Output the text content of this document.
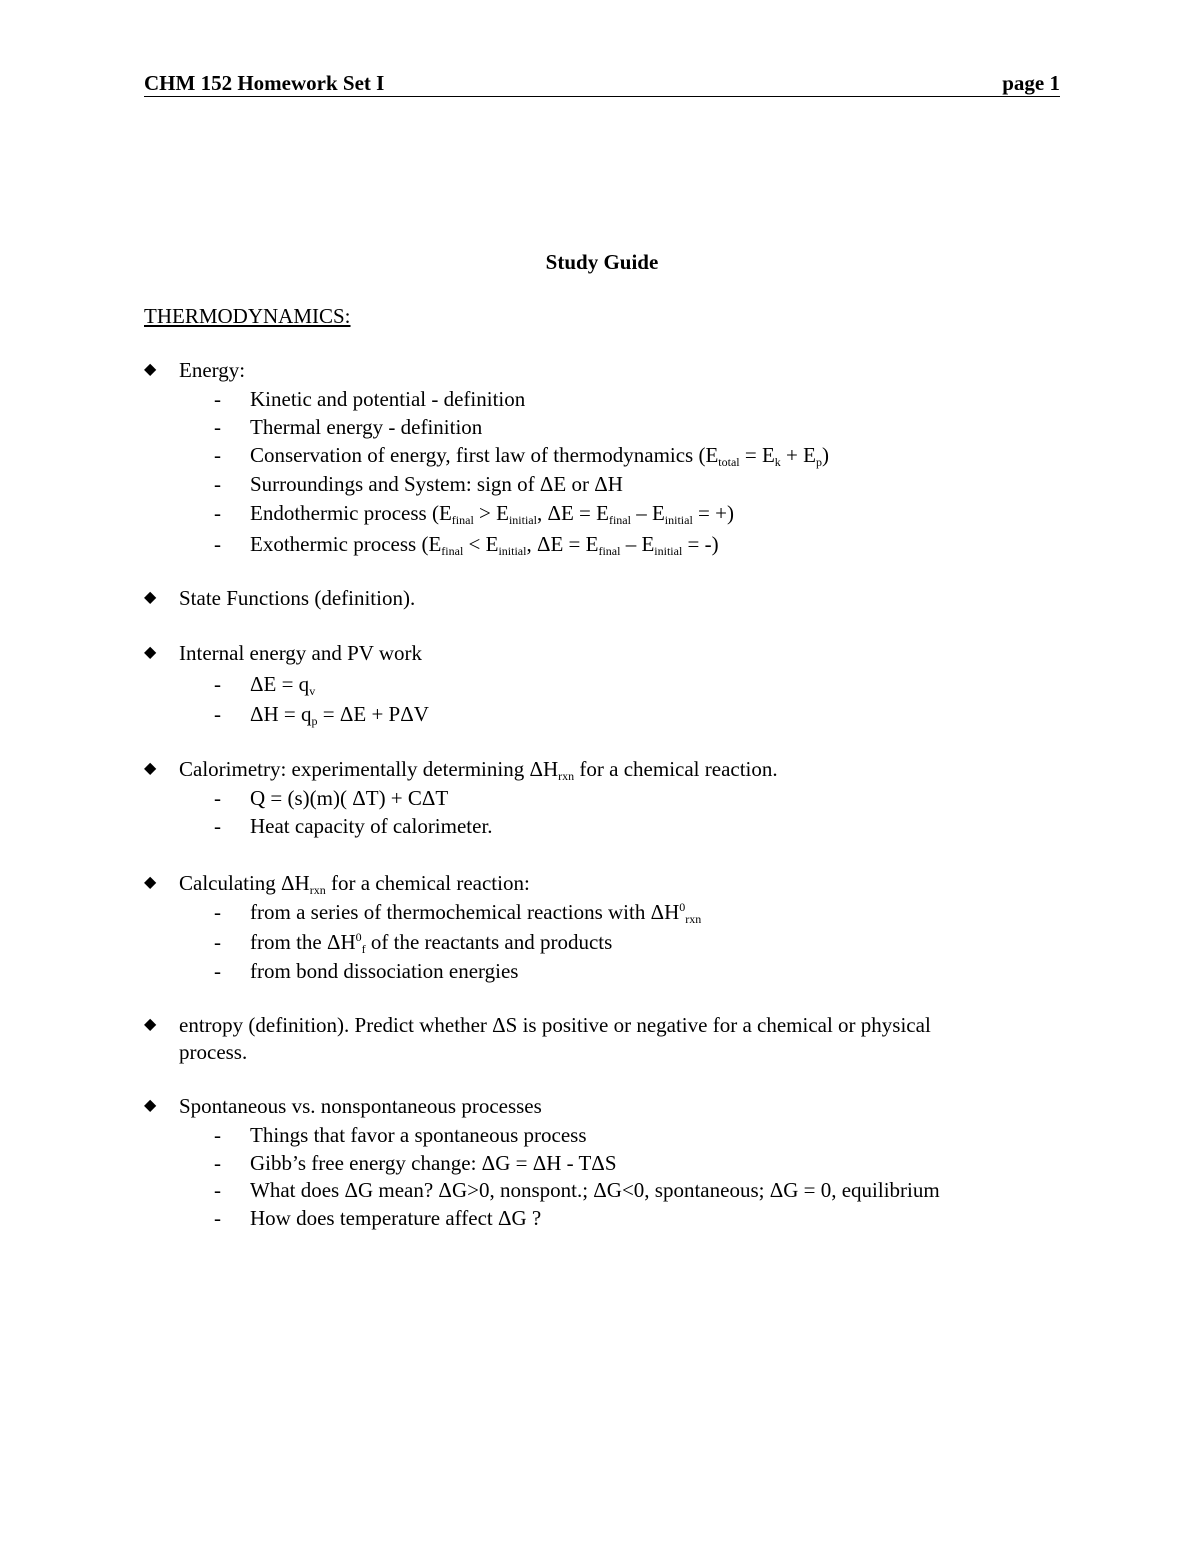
CHM 152 Homework Set I	page 1
Study Guide
THERMODYNAMICS:
◆ Energy:
- Kinetic and potential - definition
- Thermal energy - definition
- Conservation of energy, first law of thermodynamics $(E_{total} = E_k + E_p)$
- Surroundings and System: sign of ΔE or ΔH
- Endothermic process ($E_{final} > E_{initial}$, $\Delta E = E_{final} - E_{initial}$ = +)
- Exothermic process ($E_{final} < E_{initial}$, $\Delta E = E_{final} - E_{initial}$ = -)
◆ State Functions (definition).
◆ Internal energy and PV work
- $\Delta E = q_v$
- $\Delta H = q_p = \Delta E + P\Delta V$
◆ Calorimetry: experimentally determining $\Delta H_{rxn}$ for a chemical reaction.
- Q = (s)(m)( ΔT) + CΔT
- Heat capacity of calorimeter.
◆ Calculating $\Delta H_{rxn}$ for a chemical reaction:
- from a series of thermochemical reactions with $\Delta H^0_{rxn}$
- from the $\Delta H^0_f$ of the reactants and products
- from bond dissociation energies
◆ entropy (definition). Predict whether ΔS is positive or negative for a chemical or physical
process.
◆ Spontaneous vs. nonspontaneous processes
- Things that favor a spontaneous process
- Gibb’s free energy change: ΔG = ΔH - TΔS
- What does ΔG mean? ΔG>0, nonspont.; ΔG<0, spontaneous; ΔG = 0, equilibrium
- How does temperature affect ΔG ?
